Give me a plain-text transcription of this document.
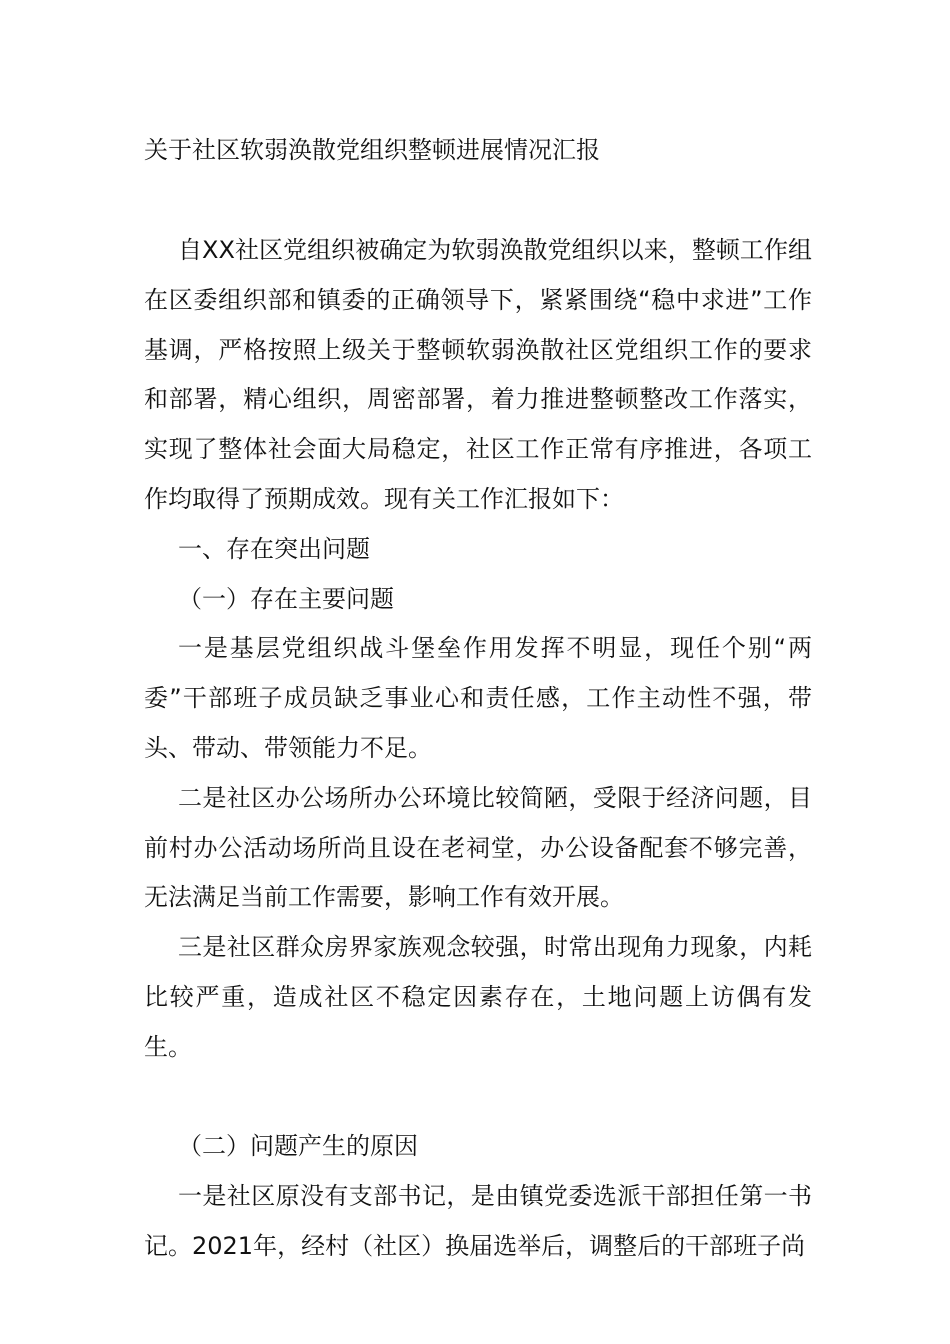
关于社区软弱涣散党组织整顿进展情况汇报

自XX社区党组织被确定为软弱涣散党组织以来，整顿工作组在区委组织部和镇委的正确领导下，紧紧围绕“稳中求进”工作基调，严格按照上级关于整顿软弱涣散社区党组织工作的要求和部署，精心组织，周密部署，着力推进整顿整改工作落实，实现了整体社会面大局稳定，社区工作正常有序推进，各项工作均取得了预期成效。现有关工作汇报如下：

一、存在突出问题

（一）存在主要问题

一是基层党组织战斗堡垒作用发挥不明显，现任个别“两委”干部班子成员缺乏事业心和责任感，工作主动性不强，带头、带动、带领能力不足。

二是社区办公场所办公环境比较简陋，受限于经济问题，目前村办公活动场所尚且设在老祠堂，办公设备配套不够完善，无法满足当前工作需要，影响工作有效开展。

三是社区群众房界家族观念较强，时常出现角力现象，内耗比较严重，造成社区不稳定因素存在，土地问题上访偶有发生。

（二）问题产生的原因

一是社区原没有支部书记，是由镇党委选派干部担任第一书记。2021年，经村（社区）换届选举后，调整后的干部班子尚
